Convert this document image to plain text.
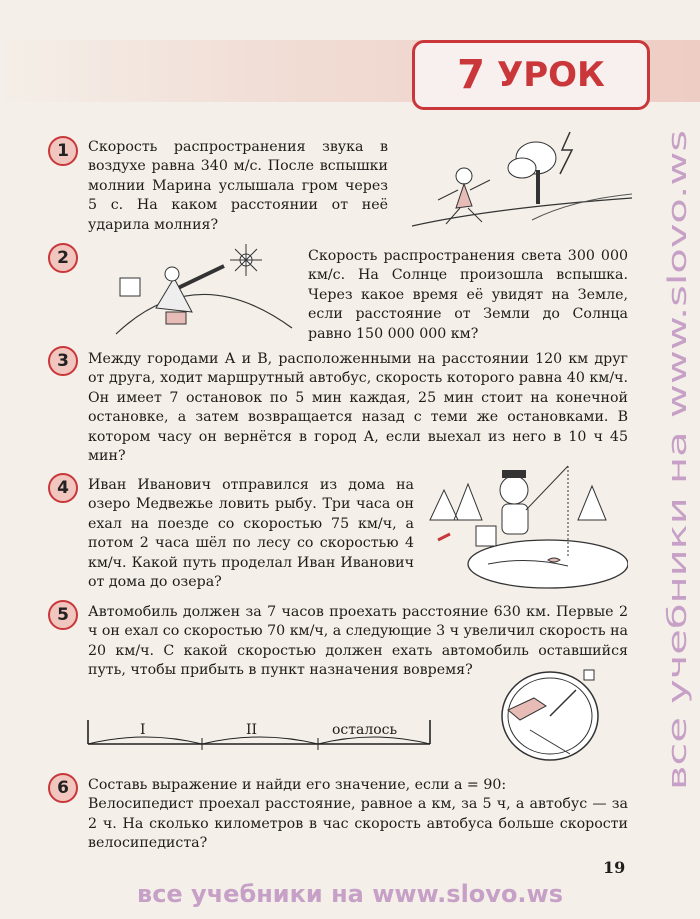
7 УРОК
1	Скорость распространения звука в воздухе равна 340 м/с. После вспышки молнии Марина услышала гром через 5 с. На каком расстоянии от неё ударила молния?

2	Скорость распространения света 300 000 км/с. На Солнце произошла вспышка. Через какое время её увидят на Земле, если расстояние от Земли до Солнца равно 150 000 000 км?

3	Между городами А и В, расположенными на расстоянии 120 км друг от друга, ходит маршрутный автобус, скорость которого равна 40 км/ч. Он имеет 7 остановок по 5 мин каждая, 25 мин стоит на конечной остановке, а затем возвращается назад с теми же остановками. В котором часу он вернётся в город А, если выехал из него в 10 ч 45 мин?

4	Иван Иванович отправился из дома на озеро Медвежье ловить рыбу. Три часа он ехал на поезде со скоростью 75 км/ч, а потом 2 часа шёл по лесу со скоростью 4 км/ч. Какой путь проделал Иван Иванович от дома до озера?

5	Автомобиль должен за 7 часов проехать расстояние 630 км. Первые 2 ч он ехал со скоростью 70 км/ч, а следующие 3 ч увеличил скорость на 20 км/ч. С какой скоростью должен ехать автомобиль оставшийся путь, чтобы прибыть в пункт назначения вовремя?

I	II	осталось
6	Составь выражение и найди его значение, если a = 90:

Велосипедист проехал расстояние, равное a км, за 5 ч, а автобус — за 2 ч. На сколько километров в час скорость автобуса больше скорости велосипедиста?

19
все учебники на www.slovo.ws
все учебники на www.slovo.ws
